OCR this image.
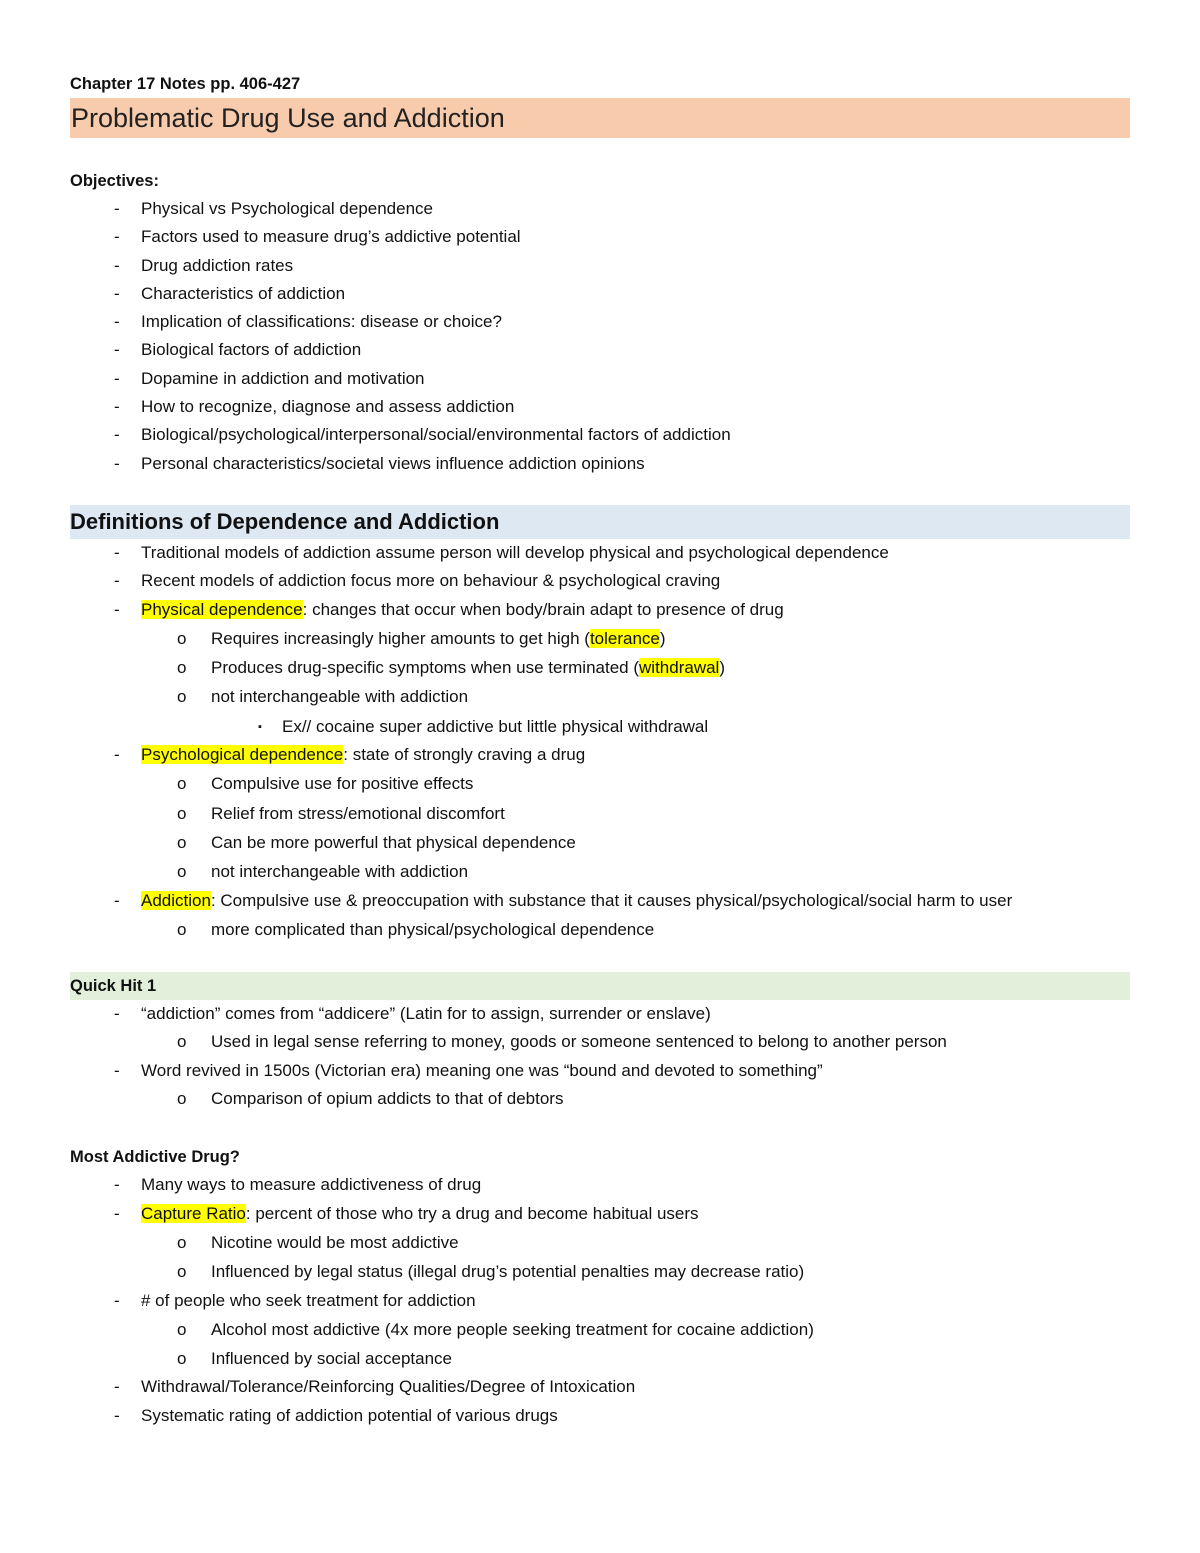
Chapter 17 Notes pp. 406-427
Problematic Drug Use and Addiction
Objectives:
- Physical vs Psychological dependence
- Factors used to measure drug’s addictive potential
- Drug addiction rates
- Characteristics of addiction
- Implication of classifications: disease or choice?
- Biological factors of addiction
- Dopamine in addiction and motivation
- How to recognize, diagnose and assess addiction
- Biological/psychological/interpersonal/social/environmental factors of addiction
- Personal characteristics/societal views influence addiction opinions
Definitions of Dependence and Addiction
- Traditional models of addiction assume person will develop physical and psychological dependence
- Recent models of addiction focus more on behaviour & psychological craving
- Physical dependence: changes that occur when body/brain adapt to presence of drug
o Requires increasingly higher amounts to get high (tolerance)
o Produces drug-specific symptoms when use terminated (withdrawal)
o not interchangeable with addiction
▪ Ex// cocaine super addictive but little physical withdrawal
- Psychological dependence: state of strongly craving a drug
o Compulsive use for positive effects
o Relief from stress/emotional discomfort
o Can be more powerful that physical dependence
o not interchangeable with addiction
- Addiction: Compulsive use & preoccupation with substance that it causes physical/psychological/social harm to user
o more complicated than physical/psychological dependence
Quick Hit 1
- “addiction” comes from “addicere” (Latin for to assign, surrender or enslave)
o Used in legal sense referring to money, goods or someone sentenced to belong to another person
- Word revived in 1500s (Victorian era) meaning one was “bound and devoted to something”
o Comparison of opium addicts to that of debtors
Most Addictive Drug?
- Many ways to measure addictiveness of drug
- Capture Ratio: percent of those who try a drug and become habitual users
o Nicotine would be most addictive
o Influenced by legal status (illegal drug’s potential penalties may decrease ratio)
- # of people who seek treatment for addiction
o Alcohol most addictive (4x more people seeking treatment for cocaine addiction)
o Influenced by social acceptance
- Withdrawal/Tolerance/Reinforcing Qualities/Degree of Intoxication
- Systematic rating of addiction potential of various drugs
